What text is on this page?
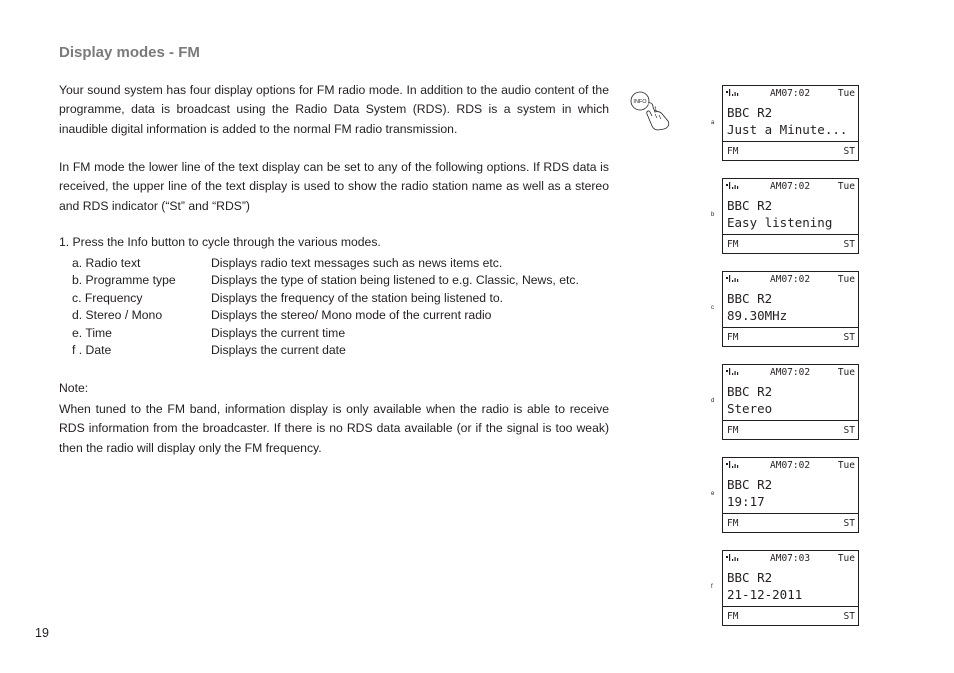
Display modes - FM

Your sound system has four display options for FM radio mode. In addition to the audio content of the programme, data is broadcast using the Radio Data System (RDS). RDS is a system in which inaudible digital information is added to the normal FM radio transmission.

In FM mode the lower line of the text display can be set to any of the following options. If RDS data is received, the upper line of the text display is used to show the radio station name as well as a stereo and RDS indicator (“St” and “RDS”)

1. Press the Info button to cycle through the various modes.
a. Radio text	Displays radio text messages such as news items etc.
b. Programme type	Displays the type of station being listened to e.g. Classic, News, etc.
c. Frequency	Displays the frequency of the station being listened to.
d. Stereo / Mono	Displays the stereo/ Mono mode of the current radio
e. Time	Displays the current time
f . Date	Displays the current date
Note:

When tuned to the FM band, information display is only available when the radio is able to receive RDS information from the broadcaster. If there is no RDS data available (or if the signal is too weak) then the radio will display only the FM frequency.

19
INFO
1
a
AM07:02	Tue
BBC R2
Just a Minute...
FM	ST
b
AM07:02	Tue
BBC R2
Easy listening
FM	ST
c
AM07:02	Tue
BBC R2
89.30MHz
FM	ST
d
AM07:02	Tue
BBC R2
Stereo
FM	ST
e
AM07:02	Tue
BBC R2
19:17
FM	ST
f
AM07:03	Tue
BBC R2
21-12-2011
FM	ST
